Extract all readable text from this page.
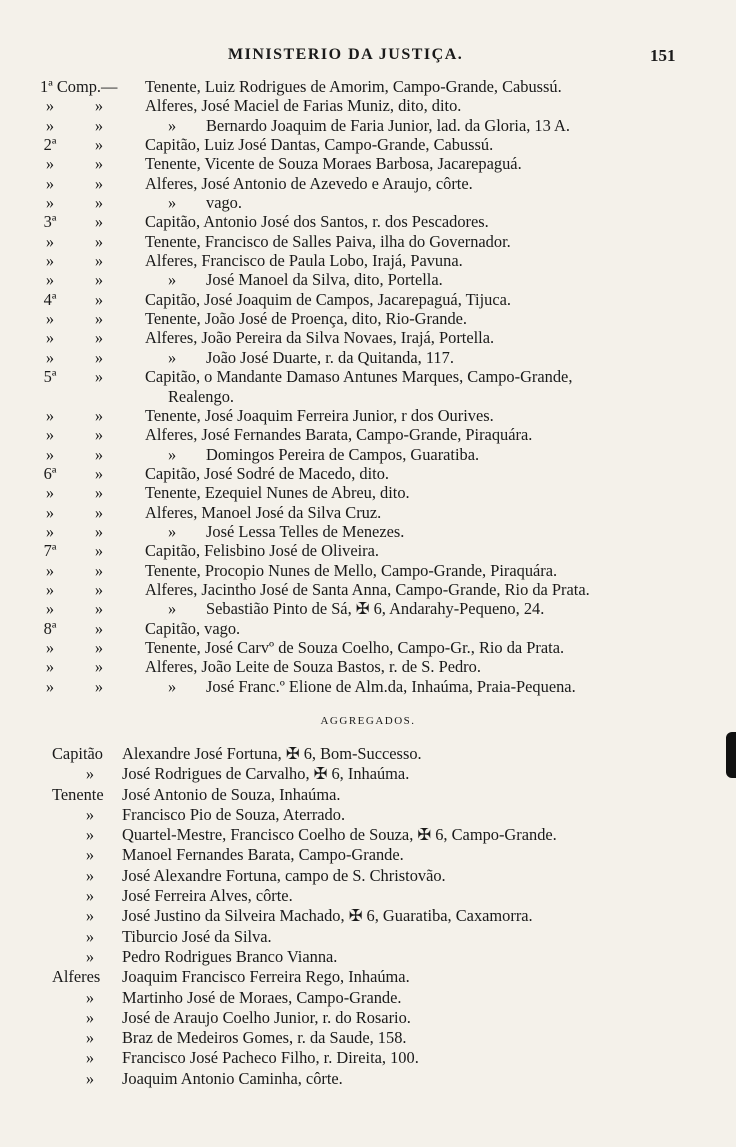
MINISTERIO DA JUSTIÇA.	151
1ª Comp.— Tenente, Luiz Rodrigues de Amorim, Campo-Grande, Cabussú.
»	»	Alferes, José Maciel de Farias Muniz, dito, dito.
»	»	» Bernardo Joaquim de Faria Junior, lad. da Gloria, 13 A.
2ª	»	Capitão, Luiz José Dantas, Campo-Grande, Cabussú.
»	»	Tenente, Vicente de Souza Moraes Barbosa, Jacarepaguá.
»	»	Alferes, José Antonio de Azevedo e Araujo, côrte.
»	»	» vago.
3ª	»	Capitão, Antonio José dos Santos, r. dos Pescadores.
»	»	Tenente, Francisco de Salles Paiva, ilha do Governador.
»	»	Alferes, Francisco de Paula Lobo, Irajá, Pavuna.
»	»	» José Manoel da Silva, dito, Portella.
4ª	»	Capitão, José Joaquim de Campos, Jacarepaguá, Tijuca.
»	»	Tenente, João José de Proença, dito, Rio-Grande.
»	»	Alferes, João Pereira da Silva Novaes, Irajá, Portella.
»	»	» João José Duarte, r. da Quitanda, 117.
5ª	»	Capitão, o Mandante Damaso Antunes Marques, Campo-Grande,
Realengo.
»	»	Tenente, José Joaquim Ferreira Junior, r dos Ourives.
»	»	Alferes, José Fernandes Barata, Campo-Grande, Piraquára.
»	»	» Domingos Pereira de Campos, Guaratiba.
6ª	»	Capitão, José Sodré de Macedo, dito.
»	»	Tenente, Ezequiel Nunes de Abreu, dito.
»	»	Alferes, Manoel José da Silva Cruz.
»	»	» José Lessa Telles de Menezes.
7ª	»	Capitão, Felisbino José de Oliveira.
»	»	Tenente, Procopio Nunes de Mello, Campo-Grande, Piraquára.
»	»	Alferes, Jacintho José de Santa Anna, Campo-Grande, Rio da Prata.
»	»	» Sebastião Pinto de Sá, ✠ 6, Andarahy-Pequeno, 24.
8ª	»	Capitão, vago.
»	»	Tenente, José Carvº de Souza Coelho, Campo-Gr., Rio da Prata.
»	»	Alferes, João Leite de Souza Bastos, r. de S. Pedro.
»	»	» José Franc.º Elione de Alm.da, Inhaúma, Praia-Pequena.
AGGREGADOS.
Capitão Alexandre José Fortuna, ✠ 6, Bom-Successo.
»	José Rodrigues de Carvalho, ✠ 6, Inhaúma.
Tenente José Antonio de Souza, Inhaúma.
»	Francisco Pio de Souza, Aterrado.
»	Quartel-Mestre, Francisco Coelho de Souza, ✠ 6, Campo-Grande.
»	Manoel Fernandes Barata, Campo-Grande.
»	José Alexandre Fortuna, campo de S. Christovão.
»	José Ferreira Alves, côrte.
»	José Justino da Silveira Machado, ✠ 6, Guaratiba, Caxamorra.
»	Tiburcio José da Silva.
»	Pedro Rodrigues Branco Vianna.
Alferes Joaquim Francisco Ferreira Rego, Inhaúma.
»	Martinho José de Moraes, Campo-Grande.
»	José de Araujo Coelho Junior, r. do Rosario.
»	Braz de Medeiros Gomes, r. da Saude, 158.
»	Francisco José Pacheco Filho, r. Direita, 100.
»	Joaquim Antonio Caminha, côrte.
